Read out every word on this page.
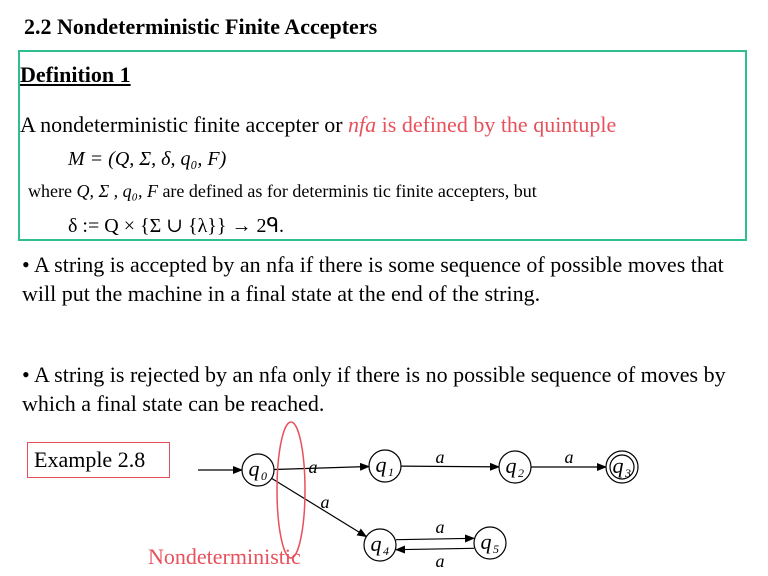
2.2 Nondeterministic Finite Accepters
Definition 1
A nondeterministic finite accepter or nfa is defined by the quintuple
M = (Q, Σ, δ, q₀, F)
where Q, Σ , q₀, F are defined as for determinis tic finite accepters, but
δ := Q × {Σ ∪ {λ}} → 2ᑫ.
• A string is accepted by an nfa if there is some sequence of possible moves that will put the machine in a final state at the end of the string.
• A string is rejected by an nfa only if there is no possible sequence of moves by which a final state can be reached.
Example 2.8
Nondeterministic
a
a
a	a
a
a
q 0	q 1	q 2	q 3
q 4	q 5
